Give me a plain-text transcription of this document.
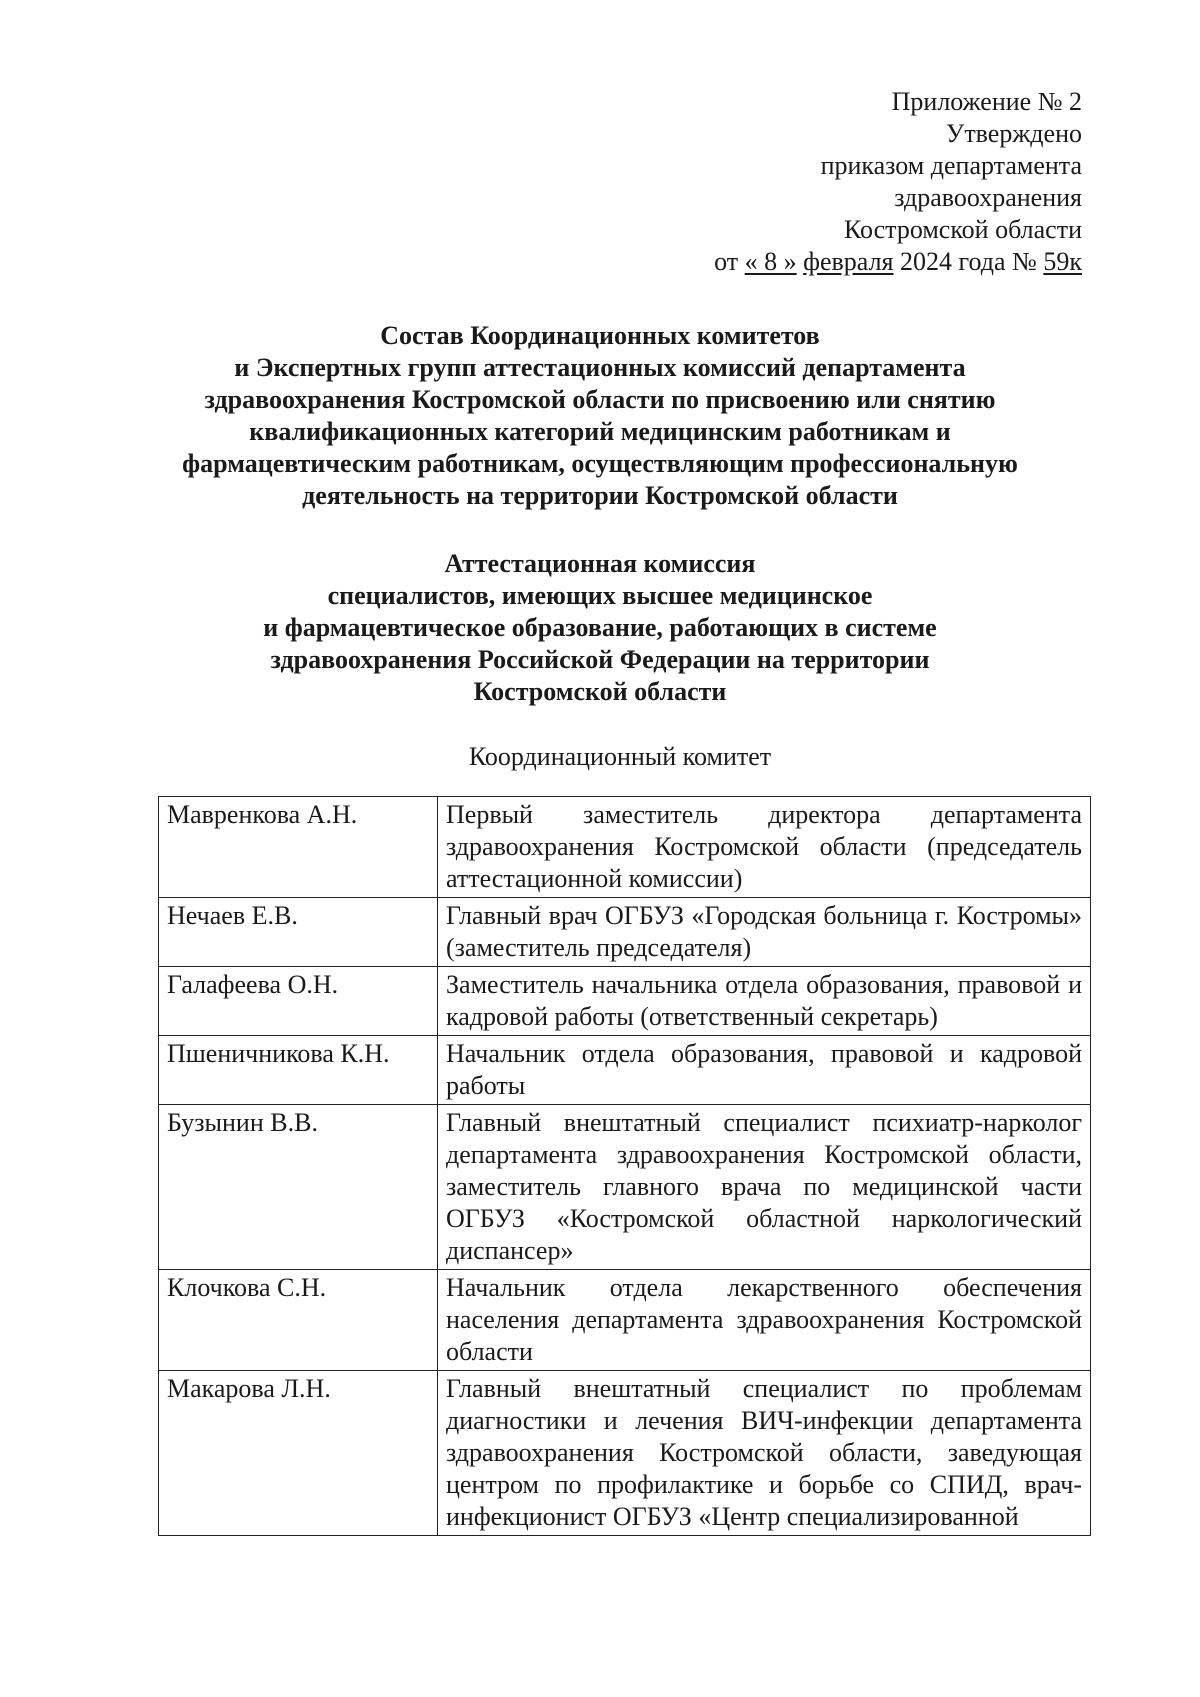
Приложение № 2
Утверждено
приказом департамента
здравоохранения
Костромской области
от « 8 » февраля 2024 года № 59к
Состав Координационных комитетов
и Экспертных групп аттестационных комиссий департамента
здравоохранения Костромской области по присвоению или снятию
квалификационных категорий медицинским работникам и
фармацевтическим работникам, осуществляющим профессиональную
деятельность на территории Костромской области
Аттестационная комиссия
специалистов, имеющих высшее медицинское
и фармацевтическое образование, работающих в системе
здравоохранения Российской Федерации на территории
Костромской области
Координационный комитет
Мавренкова А.Н.	Первый заместитель директора департамента здравоохранения Костромской области (председатель аттестационной комиссии)
Нечаев Е.В.	Главный врач ОГБУЗ «Городская больница г. Костромы» (заместитель председателя)
Галафеева О.Н.	Заместитель начальника отдела образования, правовой и кадровой работы (ответственный секретарь)
Пшеничникова К.Н.	Начальник отдела образования, правовой и кадровой работы
Бузынин В.В.	Главный внештатный специалист психиатр-нарколог департамента здравоохранения Костромской области, заместитель главного врача по медицинской части ОГБУЗ «Костромской областной наркологический диспансер»
Клочкова С.Н.	Начальник отдела лекарственного обеспечения населения департамента здравоохранения Костромской области
Макарова Л.Н.	Главный внештатный специалист по проблемам диагностики и лечения ВИЧ-инфекции департамента здравоохранения Костромской области, заведующая центром по профилактике и борьбе со СПИД, врач-инфекционист ОГБУЗ «Центр специализированной
